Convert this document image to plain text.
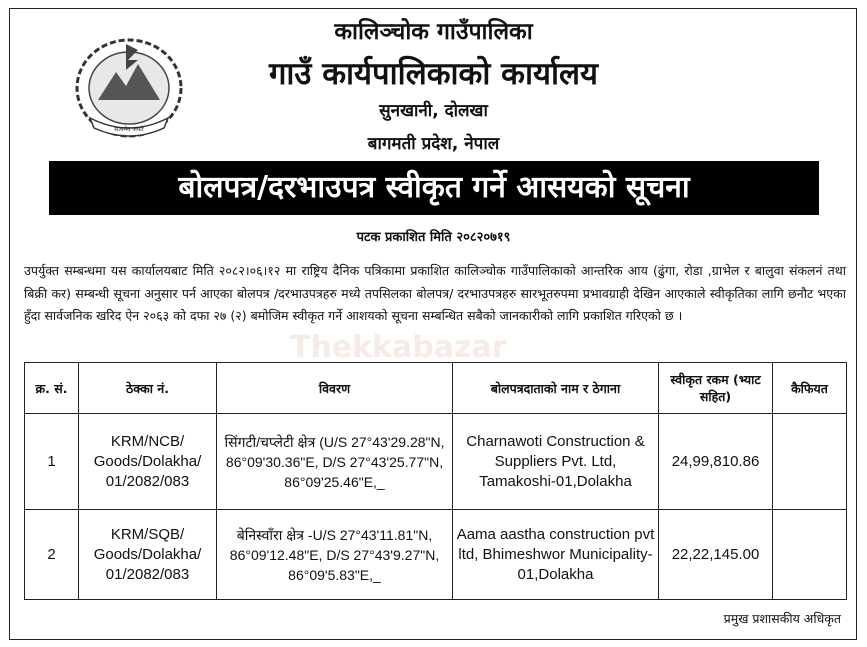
सत्यमेव जयते
कालिञ्चोक गाउँपालिका
गाउँ कार्यपालिकाको कार्यालय
सुनखानी, दोलखा
बागमती प्रदेश, नेपाल
बोलपत्र/दरभाउपत्र स्वीकृत गर्ने आसयको सूचना
पटक प्रकाशित मिति २०८२०७१९
Thekkabazar
उपर्युक्त सम्बन्धमा यस कार्यालयबाट मिति २०८२।०६।१२ मा राष्ट्रिय दैनिक पत्रिकामा प्रकाशित कालिञ्चोक गाउँपालिकाको आन्तरिक आय (ढुंगा, रोडा ,ग्राभेल र बालुवा संकलनं तथा बिक्री कर) सम्बन्धी सूचना अनुसार पर्न आएका बोलपत्र /दरभाउपत्रहरु मध्ये तपसिलका बोलपत्र/ दरभाउपत्रहरु सारभूतरुपमा प्रभावग्राही देखिन आएकाले स्वीकृतिका लागि छनौट भएका हुँदा सार्वजनिक खरिद ऐन २०६३ को दफा २७ (२) बमोजिम स्वीकृत गर्ने आशयको सूचना सम्बन्धित सबैको जानकारीको लागि प्रकाशित गरिएको छ ।
क्र. सं.	ठेक्का नं.	विवरण	बोलपत्रदाताको नाम र ठेगाना	स्वीकृत रकम (भ्याट सहित)	कैफियत
1	KRM/NCB/ Goods/Dolakha/ 01/2082/083	सिंगटी/चप्लेटी क्षेत्र (U/S 27°43'29.28"N, 86°09'30.36"E, D/S 27°43'25.77"N, 86°09'25.46"E,_	Charnawoti Construction & Suppliers Pvt. Ltd, Tamakoshi-01,Dolakha	24,99,810.86	
2	KRM/SQB/ Goods/Dolakha/ 01/2082/083	बेनिस्वाँरा क्षेत्र -U/S 27°43'11.81"N, 86°09'12.48"E, D/S 27°43'9.27"N, 86°09'5.83"E,_	Aama aastha construction pvt ltd, Bhimeshwor Municipality-01,Dolakha	22,22,145.00	
प्रमुख प्रशासकीय अधिकृत
